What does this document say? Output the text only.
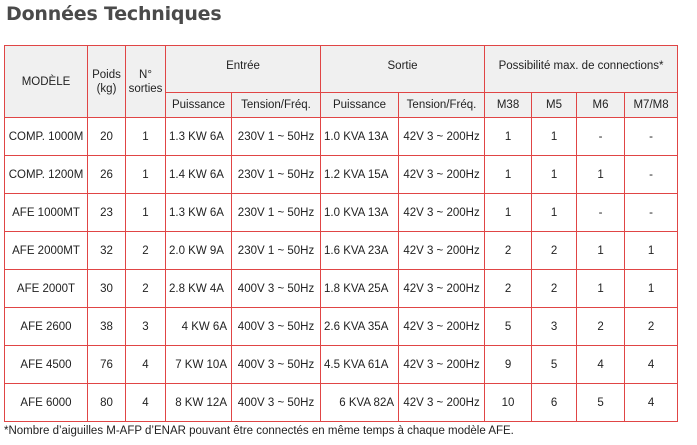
Données Techniques
MODÈLE	Poids (kg)	N° sorties	Entrée		Sortie		Possibilité max. de connections*			
			Puissance	Tension/Fréq.	Puissance	Tension/Fréq.	M38	M5	M6	M7/M8
COMP. 1000M	20	1	1.3 KW 6A	230V 1 ~ 50Hz	1.0 KVA 13A	42V 3 ~ 200Hz	1	1	-	-
COMP. 1200M	26	1	1.4 KW 6A	230V 1 ~ 50Hz	1.2 KVA 15A	42V 3 ~ 200Hz	1	1	1	-
AFE 1000MT	23	1	1.3 KW 6A	230V 1 ~ 50Hz	1.0 KVA 13A	42V 3 ~ 200Hz	1	1	-	-
AFE 2000MT	32	2	2.0 KW 9A	230V 1 ~ 50Hz	1.6 KVA 23A	42V 3 ~ 200Hz	2	2	1	1
AFE 2000T	30	2	2.8 KW 4A	400V 3 ~ 50Hz	1.8 KVA 25A	42V 3 ~ 200Hz	2	2	1	1
AFE 2600	38	3	4 KW 6A	400V 3 ~ 50Hz	2.6 KVA 35A	42V 3 ~ 200Hz	5	3	2	2
AFE 4500	76	4	7 KW 10A	400V 3 ~ 50Hz	4.5 KVA 61A	42V 3 ~ 200Hz	9	5	4	4
AFE 6000	80	4	8 KW 12A	400V 3 ~ 50Hz	6 KVA 82A	42V 3 ~ 200Hz	10	6	5	4
*Nombre d’aiguilles M-AFP d’ENAR pouvant être connectés en même temps à chaque modèle AFE.
